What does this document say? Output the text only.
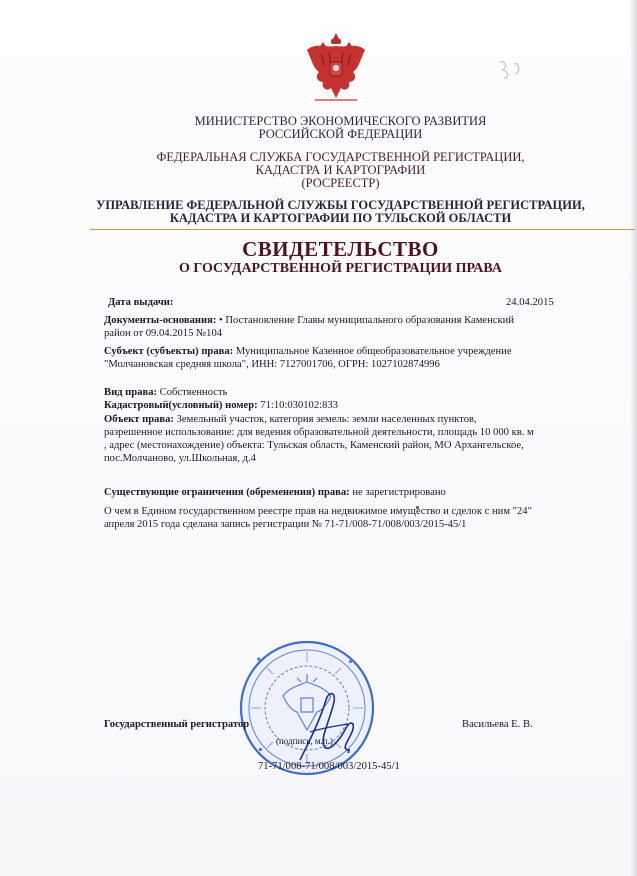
МИНИСТЕРСТВО ЭКОНОМИЧЕСКОГО РАЗВИТИЯ
РОССИЙСКОЙ ФЕДЕРАЦИИ
ФЕДЕРАЛЬНАЯ СЛУЖБА ГОСУДАРСТВЕННОЙ РЕГИСТРАЦИИ,
КАДАСТРА И КАРТОГРАФИИ
(РОСРЕЕСТР)
УПРАВЛЕНИЕ ФЕДЕРАЛЬНОЙ СЛУЖБЫ ГОСУДАРСТВЕННОЙ РЕГИСТРАЦИИ,
КАДАСТРА И КАРТОГРАФИИ ПО ТУЛЬСКОЙ ОБЛАСТИ
СВИДЕТЕЛЬСТВО
О ГОСУДАРСТВЕННОЙ РЕГИСТРАЦИИ ПРАВА
Дата выдачи:	24.04.2015
Документы-основания: • Постановление Главы муниципального образования Каменский
район от 09.04.2015 №104
Субъект (субъекты) права: Муниципальное Казенное общеобразовательное учреждение
"Молчановская средняя школа", ИНН: 7127001706, ОГРН: 1027102874996
Вид права: Собственность
Кадастровый(условный) номер: 71:10:030102:833
Объект права: Земельный участок, категория земель: земли населенных пунктов,
разрешенное использование: для ведения образовательной деятельности, площадь 10 000 кв. м
, адрес (местонахождение) объекта: Тульская область, Каменский район, МО Архангельское,
пос.Молчаново, ул.Школьная, д.4
Существующие ограничения (обременения) права: не зарегистрировано
О чем в Едином государственном реестре прав на недвижимое имущество и сделок с ним "24"
апреля 2015 года сделана запись регистрации № 71-71/008-71/008/003/2015-45/1
Государственный регистратор	Васильева Е. В.
(подпись, м.п.)
71-71/008-71/008/003/2015-45/1
